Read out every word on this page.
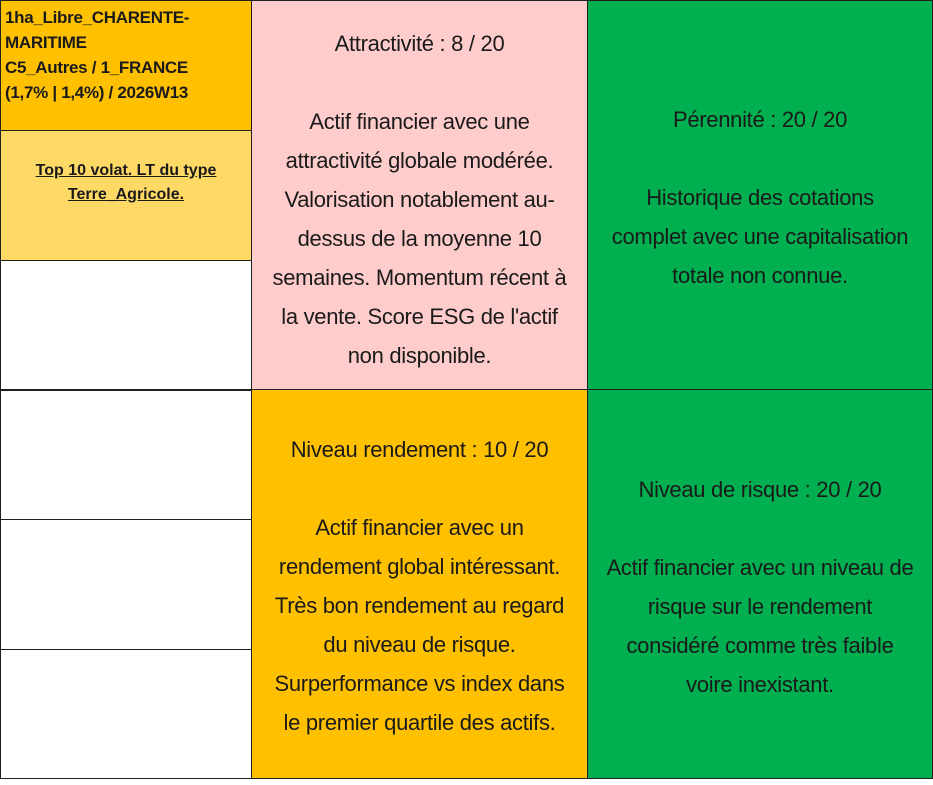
1ha_Libre_CHARENTE-
MARITIME
C5_Autres / 1_FRANCE
(1,7% | 1,4%) / 2026W13
Top 10 volat. LT du type
Terre_Agricole.
Attractivité : 8 / 20
Actif financier avec une
attractivité globale modérée.
Valorisation notablement au-
dessus de la moyenne 10
semaines. Momentum récent à
la vente. Score ESG de l'actif
non disponible.
Pérennité : 20 / 20
Historique des cotations
complet avec une capitalisation
totale non connue.
Niveau rendement : 10 / 20
Actif financier avec un
rendement global intéressant.
Très bon rendement au regard
du niveau de risque.
Surperformance vs index dans
le premier quartile des actifs.
Niveau de risque : 20 / 20
Actif financier avec un niveau de
risque sur le rendement
considéré comme très faible
voire inexistant.
